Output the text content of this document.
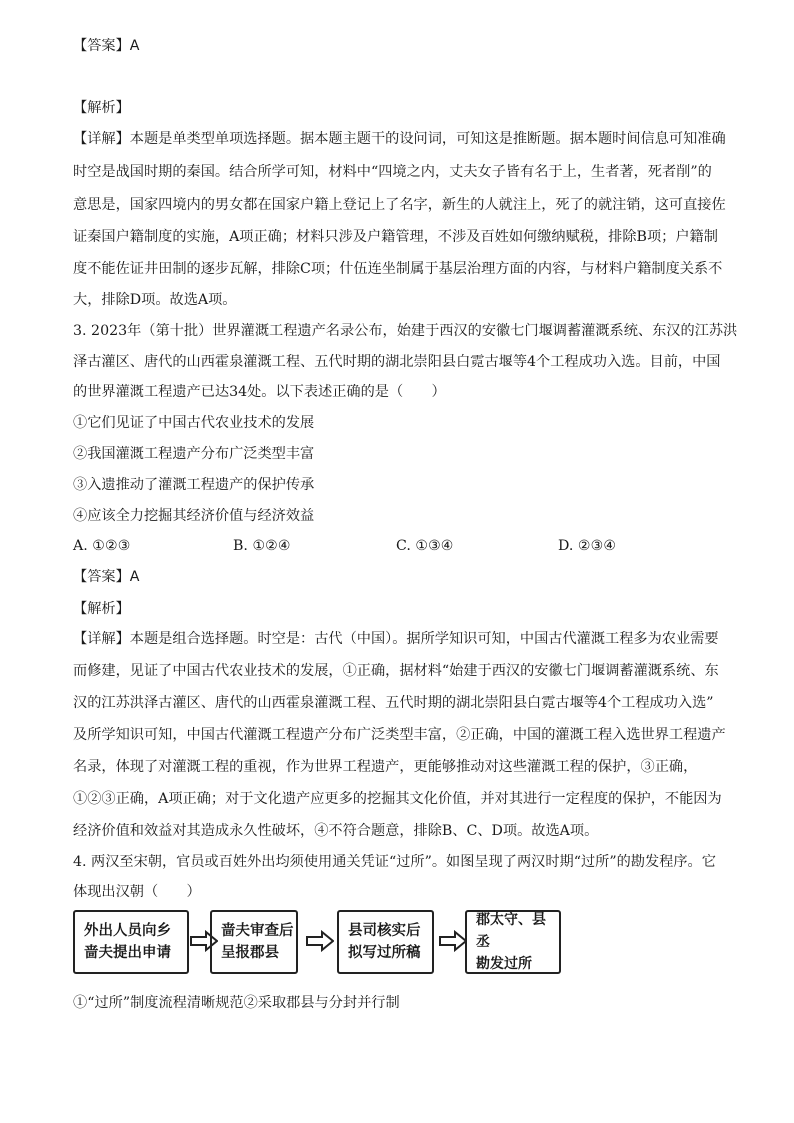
【答案】A
【解析】
【详解】本题是单类型单项选择题。据本题主题干的设问词，可知这是推断题。据本题时间信息可知准确
时空是战国时期的秦国。结合所学可知，材料中“四境之内，丈夫女子皆有名于上，生者著，死者削”的
意思是，国家四境内的男女都在国家户籍上登记上了名字，新生的人就注上，死了的就注销，这可直接佐
证秦国户籍制度的实施，A项正确；材料只涉及户籍管理，不涉及百姓如何缴纳赋税，排除B项；户籍制
度不能佐证井田制的逐步瓦解，排除C项；什伍连坐制属于基层治理方面的内容，与材料户籍制度关系不
大，排除D项。故选A项。
3. 2023年（第十批）世界灌溉工程遗产名录公布，始建于西汉的安徽七门堰调蓄灌溉系统、东汉的江苏洪
泽古灌区、唐代的山西霍泉灌溉工程、五代时期的湖北崇阳县白霓古堰等4个工程成功入选。目前，中国
的世界灌溉工程遗产已达34处。以下表述正确的是（　　）
①它们见证了中国古代农业技术的发展
②我国灌溉工程遗产分布广泛类型丰富
③入遗推动了灌溉工程遗产的保护传承
④应该全力挖掘其经济价值与经济效益
A. ①②③	B. ①②④	C. ①③④	D. ②③④
【答案】A
【解析】
【详解】本题是组合选择题。时空是：古代（中国）。据所学知识可知，中国古代灌溉工程多为农业需要
而修建，见证了中国古代农业技术的发展，①正确，据材料“始建于西汉的安徽七门堰调蓄灌溉系统、东
汉的江苏洪泽古灌区、唐代的山西霍泉灌溉工程、五代时期的湖北崇阳县白霓古堰等4个工程成功入选”
及所学知识可知，中国古代灌溉工程遗产分布广泛类型丰富，②正确，中国的灌溉工程入选世界工程遗产
名录，体现了对灌溉工程的重视，作为世界工程遗产，更能够推动对这些灌溉工程的保护，③正确，
①②③正确，A项正确；对于文化遗产应更多的挖掘其文化价值，并对其进行一定程度的保护，不能因为
经济价值和效益对其造成永久性破坏，④不符合题意，排除B、C、D项。故选A项。
4. 两汉至宋朝，官员或百姓外出均须使用通关凭证“过所”。如图呈现了两汉时期“过所”的勘发程序。它
体现出汉朝（　　）
外出人员向乡
啬夫提出申请
啬夫审查后
呈报郡县
县司核实后
拟写过所稿
郡太守、县丞
勘发过所
①“过所”制度流程清晰规范②采取郡县与分封并行制
